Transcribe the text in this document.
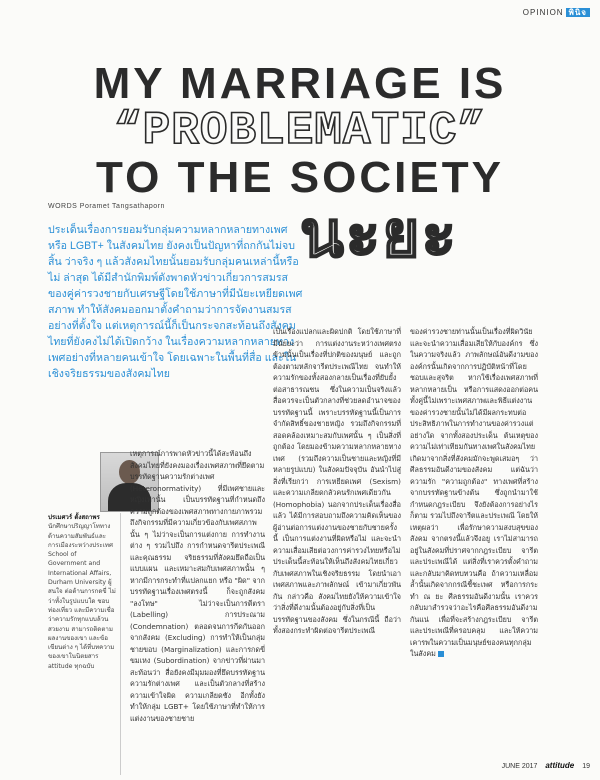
OPINION พินิจ
MY MARRIAGE IS
“PROBLEMATIC”
TO THE SOCIETY
WORDS Poramet Tangsathaporn นะยะ
ประเด็นเรื่องการยอมรับกลุ่มความหลากหลายทางเพศ หรือ LGBT+ ในสังคมไทย ยังคงเป็นปัญหาที่ถกกันไม่จบสิ้น ว่าจริง ๆ แล้วสังคมไทยนั้นยอมรับกลุ่มคนเหล่านี้หรือไม่ ล่าสุด ได้มีสำนักพิมพ์ดังพาดหัวข่าวเกี่ยวการสมรสของคู่ค่ารวงชายกับเศรษฐีโดยใช้ภาษาที่มีนัยะเหยียดเพศสภาพ ทำให้สังคมออกมาตั้งคำถามว่าการจัดงานสมรสอย่างที่ตั้งใจ แต่เหตุการณ์นี้ก็เป็นกระจกสะท้อนถึงสังคมไทยที่ยังคงไม่ได้เปิดกว้าง ในเรื่องความหลากหลายทางเพศอย่างที่หลายคนเข้าใจ โดยเฉพาะในพื้นที่สื่อ และในเชิงจริยธรรมของสังคมไทย
ปรเมศวร์ ตั้งสถาพร
นักศึกษาปริญญาโททางด้านความสัมพันธ์และการเมืองระหว่างประเทศ School of Government and International Affairs, Durham University ผู้สนใจ ต่อต้านการกดขี่ ไม่ว่าทั้งในรูปแบบใด ชอบท่องเที่ยว และมีความเชื่อว่าความรักทุกแบบล้วนสวยงาม สามารถติดตามผลงานของเขา และข้อเขียนต่าง ๆ ได้ที่บทความของเขาในนิตยสาร attitude ทุกฉบับ
เหตุการณ์การพาดหัวข่าวนี้ได้สะท้อนถึงสังคมไทยที่ยังคงมองเรื่องเพศสภาพที่ยึดตามบรรทัดฐานความรักต่างเพศ (Heteronormativity) ที่มีเพศชายและหญิงเท่านั้น เป็นบรรทัดฐานที่กำหนดถึงความถูกต้องของเพศสภาพทางกายภาพรวมถึงกิจกรรมที่มีความเกี่ยวข้องกับเพศสภาพนั้น ๆ ไม่ว่าจะเป็นการแต่งกาย การทำงานต่าง ๆ รวมไปถึง การกำหนดจารีตประเพณี และคุณธรรม จริยธรรมที่สังคมยึดถือเป็นแบบแผน และเหมาะสมกับเพศสภาพนั้น ๆ หากมีการกระทำที่แปลกแยก หรือ "ผิด" จากบรรทัดฐานเรื่องเพศตรงนี้ ก็จะถูกสังคม "ลงโทษ" ไม่ว่าจะเป็นการตีตรา (Labelling) การประณาม (Condemnation) ตลอดจนการกีดกันออกจากสังคม (Excluding) การทำให้เป็นกลุ่มชายขอบ (Marginalization) และการกดขี่ขมเหง (Subordination) จากข่าวที่ผ่านมาสะท้อนว่า สื่อยังคงมีมุมมองที่ยึดบรรทัดฐานความรักต่างเพศ และเป็นตัวกลางที่สร้างความเข้าใจผิด ความเกลียดชัง อีกทั้งยังทำให้กลุ่ม LGBT+ โดยใช้ภาษาที่ทำให้การแต่งงานของชายชาย
เป็นเรื่องแปลกและผิดปกติ โดยใช้ภาษาที่มีนัยยะว่า การแต่งงานระหว่างเพศตรงข้ามนั้นเป็นเรื่องที่ปกติของมนุษย์ และถูกต้องตามหลักจารีตประเพณีไทย จนทำให้ความรักของทั้งสองกลายเป็นเรื่องที่ยับยั้งต่อสาธารณชน ซึ่งในความเป็นจริงแล้ว สื่อควรจะเป็นตัวกลางที่ช่วยลดอำนาจของบรรทัดฐานนี้ เพราะบรรทัดฐานนี้เป็นการจำกัดสิทธิ์ของชายหญิง รวมถึงกิจกรรมที่สอดคล้องเหมาะสมกับเพศนั้น ๆ เป็นสิ่งที่ถูกต้อง โดยมองข้ามความหลากหลายทางเพศ (รวมถึงความเป็นชายและหญิงที่มีหลายรูปแบบ) ในสังคมปัจจุบัน อันนำไปสู่สิ่งที่เรียกว่า การเหยียดเพศ (Sexism) และความเกลียดกลัวคนรักเพศเดียวกัน (Homophobia) นอกจากประเด็นเรื่องสื่อแล้ว ได้มีการสอบถามถึงความคิดเห็นของผู้อ่านต่อการแต่งงานของชายกับชายครั้งนี้ เป็นการแต่งงานที่ผิดหรือไม่ และจะนำความเสื่อมเสียต่อวงการค่ารวงไทยหรือไม่ ประเด็นนี้สะท้อนให้เห็นถึงสังคมไทยเกี่ยวกับเพศสภาพในเชิงจริยธรรม โดยนำเอาเพศสภาพและภาพลักษณ์ เข้ามาเกี่ยวพันกัน กล่าวคือ สังคมไทยยังให้ความเข้าใจว่าสิ่งที่ดีงามนั้นต้องอยู่กับสิ่งที่เป็นบรรทัดฐานของสังคม ซึ่งในกรณีนี้ ถือว่าทั้งสองกระทำผิดต่อจารีตประเพณี
ของค่ารวงชายท่านนั้นเป็นเรื่องที่ผิดวินัยและจะนำความเสื่อมเสียให้กับองค์กร ซึ่งในความจริงแล้ว ภาพลักษณ์อันดีงามขององค์กรนั้นเกิดจากการปฏิบัติหน้าที่โดยชอบและสุจริต หากใช้เรื่องเพศสภาพที่หลากหลายเป็น หรือการแสดงออกต่อคนทั้งคู่นี้ไม่เพราะเพศสภาพและพิธีแต่งงานของค่ารวงชายนั้นไม่ได้มีผลกระทบต่อประสิทธิภาพในการทำงานของค่ารวงแต่อย่างใด จากทั้งสองประเด็น ต้นเหตุของความไม่เท่าเทียมกันทางเพศในสังคมไทยเกิดมาจากสิ่งที่สังคมมักจะพูดเสมอๆ ว่า ศีลธรรมอันดีงามของสังคม แต่ฉันว่าความรัก "ความถูกต้อง" ทางเพศที่สร้างจากบรรทัดฐานข้างต้น ซึ่งถูกนำมาใช้กำหนดกฎระเบียบ จึงยังต้องการอย่างไรก็ตาม รวมไปถึงจารีตและประเพณี โดยให้เหตุผลว่า เพื่อรักษาความสงบสุขของสังคม จากตรงนี้แล้วจึงอยู เราไม่สามารถอยู่ในสังคมที่ปราศจากกฎระเบียบ จารีต และประเพณีได้ แต่สิ่งที่เราควรตั้งคำถาม และกลับมาคิดทบทวนคือ ถ้าความเหลื่อมล้ำนั้นเกิดจากกรณีชี้ชะเพศ หรือการกระทำ ณ ยะ ศีลธรรมอันดีงามนั้น เราควรกลับมาสำรวจว่าอะไรคือศีลธรรมอันดีงามกันแน่ เพื่อที่จะสร้างกฎระเบียบ จารีต และประเพณีที่ครอบคลุม และให้ความเคารพในความเป็นมนุษย์ของคนทุกกลุ่มในสังคม
JUNE 2017 attitude 19
